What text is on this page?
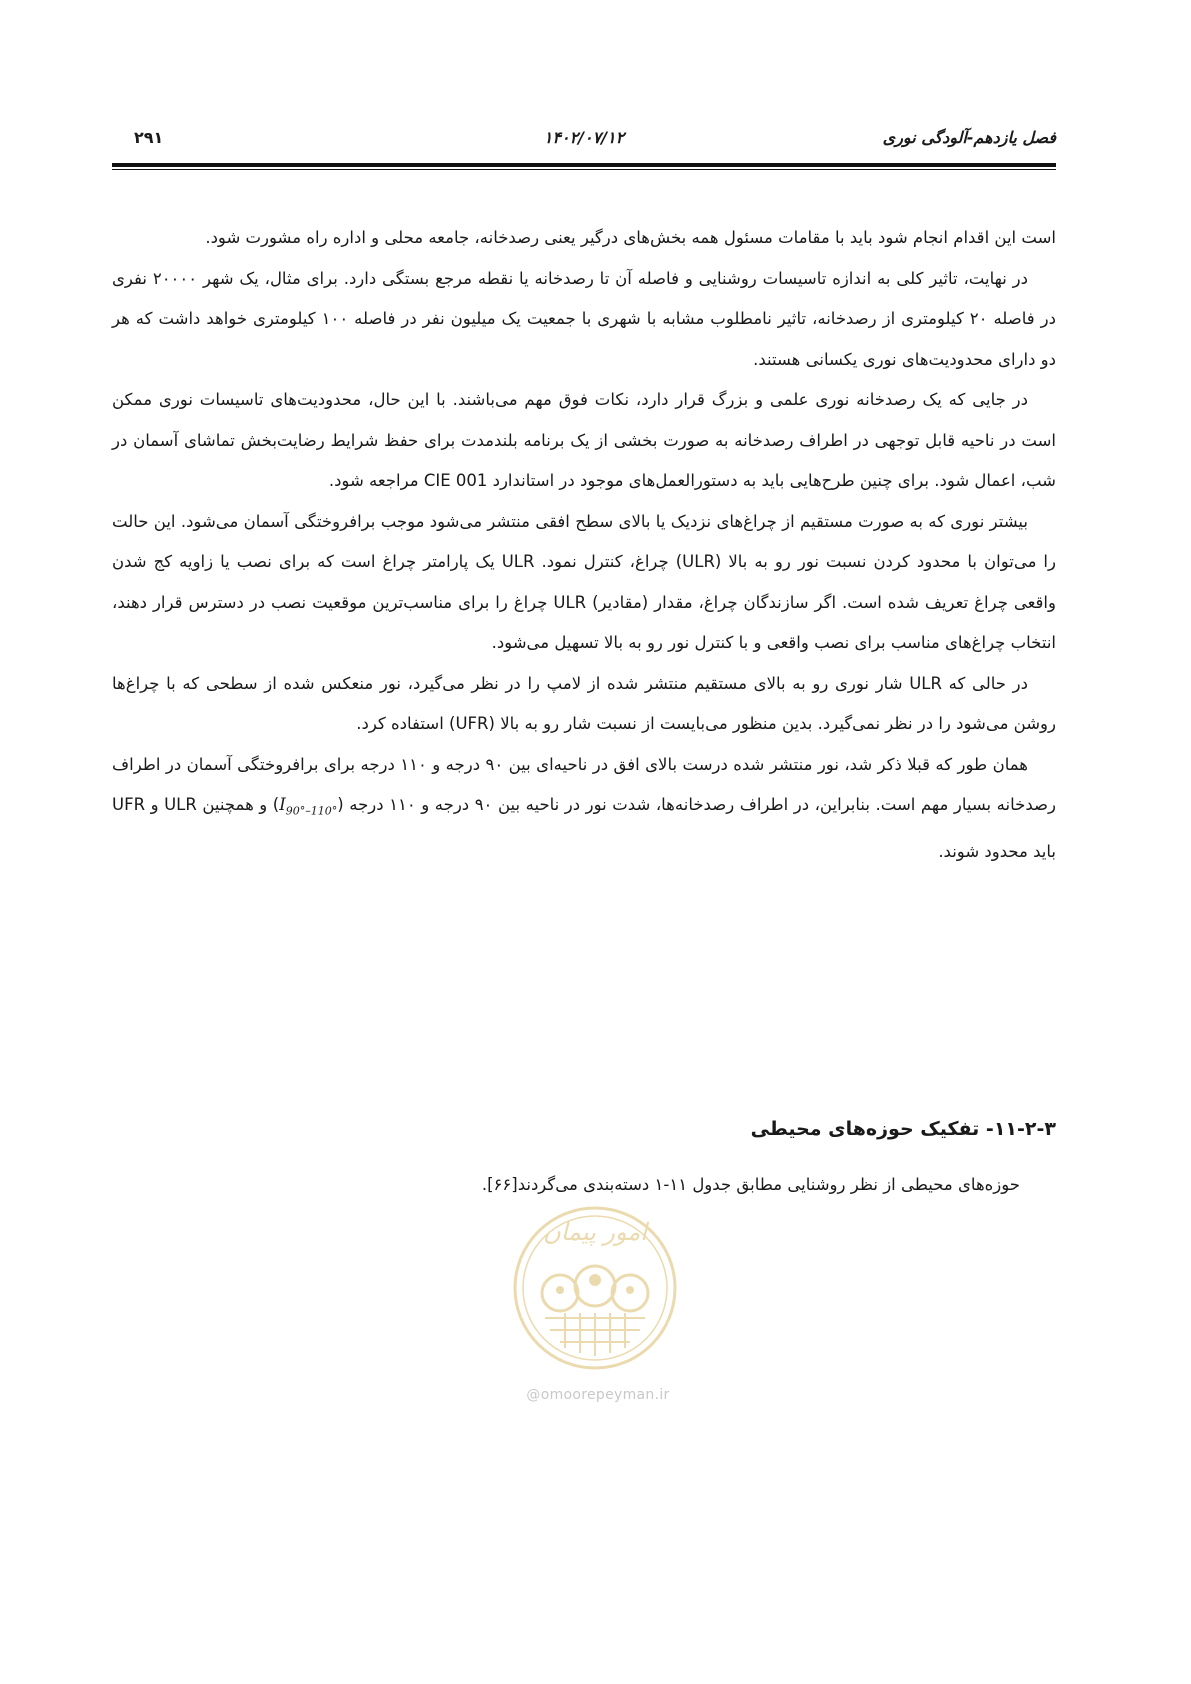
فصل یازدهم-آلودگی نوری
۱۴۰۲/۰۷/۱۲
۲۹۱

است این اقدام انجام شود باید با مقامات مسئول همه بخش‌های درگیر یعنی رصدخانه، جامعه محلی و اداره راه مشورت شود.

در نهایت، تاثیر کلی به اندازه تاسیسات روشنایی و فاصله آن تا رصدخانه یا نقطه مرجع بستگی دارد. برای مثال، یک شهر ۲۰۰۰۰ نفری در فاصله ۲۰ کیلومتری از رصدخانه، تاثیر نامطلوب مشابه با شهری با جمعیت یک میلیون نفر در فاصله ۱۰۰ کیلومتری خواهد داشت که هر دو دارای محدودیت‌های نوری یکسانی هستند.

در جایی که یک رصدخانه نوری علمی و بزرگ قرار دارد، نکات فوق مهم می‌باشند. با این حال، محدودیت‌های تاسیسات نوری ممکن است در ناحیه قابل توجهی در اطراف رصدخانه به صورت بخشی از یک برنامه بلندمدت برای حفظ شرایط رضایت‌بخش تماشای آسمان در شب، اعمال شود. برای چنین طرح‌هایی باید به دستورالعمل‌های موجود در استاندارد CIE 001 مراجعه شود.

بیشتر نوری که به صورت مستقیم از چراغ‌های نزدیک یا بالای سطح افقی منتشر می‌شود موجب برافروختگی آسمان می‌شود. این حالت را می‌توان با محدود کردن نسبت نور رو به بالا (ULR) چراغ، کنترل نمود. ULR یک پارامتر چراغ است که برای نصب یا زاویه کج شدن واقعی چراغ تعریف شده است. اگر سازندگان چراغ، مقدار (مقادیر) ULR چراغ را برای مناسب‌ترین موقعیت نصب در دسترس قرار دهند، انتخاب چراغ‌های مناسب برای نصب واقعی و با کنترل نور رو به بالا تسهیل می‌شود.

در حالی که ULR شار نوری رو به بالای مستقیم منتشر شده از لامپ را در نظر می‌گیرد، نور منعکس شده از سطحی که با چراغ‌ها روشن می‌شود را در نظر نمی‌گیرد. بدین منظور می‌بایست از نسبت شار رو به بالا (UFR) استفاده کرد.

همان طور که قبلا ذکر شد، نور منتشر شده درست بالای افق در ناحیه‌ای بین ۹۰ درجه و ۱۱۰ درجه برای برافروختگی آسمان در اطراف رصدخانه بسیار مهم است. بنابراین، در اطراف رصدخانه‌ها، شدت نور در ناحیه بین ۹۰ درجه و ۱۱۰ درجه $(I_{90^\circ-110^\circ})$ و همچنین ULR و UFR باید محدود شوند.

۱۱-۲-۳- تفکیک حوزه‌های محیطی
حوزه‌های محیطی از نظر روشنایی مطابق جدول ۱۱-۱ دسته‌بندی می‌گردند[۶۶].
امور پیمان
@omoorepeyman.ir
